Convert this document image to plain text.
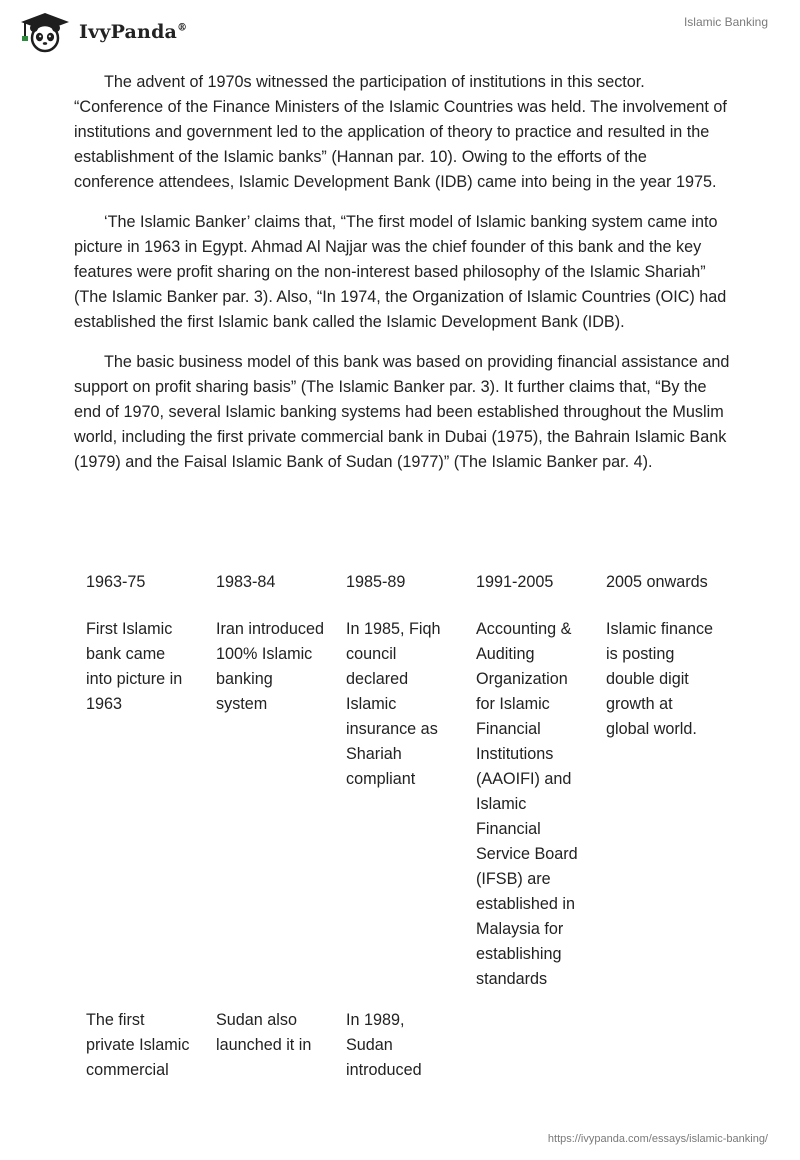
IvyPanda®	Islamic Banking

The advent of 1970s witnessed the participation of institutions in this sector. “Conference of the Finance Ministers of the Islamic Countries was held. The involvement of institutions and government led to the application of theory to practice and resulted in the establishment of the Islamic banks” (Hannan par. 10). Owing to the efforts of the conference attendees, Islamic Development Bank (IDB) came into being in the year 1975.

‘The Islamic Banker’ claims that, “The first model of Islamic banking system came into picture in 1963 in Egypt. Ahmad Al Najjar was the chief founder of this bank and the key features were profit sharing on the non-interest based philosophy of the Islamic Shariah” (The Islamic Banker par. 3). Also, “In 1974, the Organization of Islamic Countries (OIC) had established the first Islamic bank called the Islamic Development Bank (IDB).

The basic business model of this bank was based on providing financial assistance and support on profit sharing basis” (The Islamic Banker par. 3). It further claims that, “By the end of 1970, several Islamic banking systems had been established throughout the Muslim world, including the first private commercial bank in Dubai (1975), the Bahrain Islamic Bank (1979) and the Faisal Islamic Bank of Sudan (1977)” (The Islamic Banker par. 4).

1963-75	1983-84	1985-89	1991-2005	2005 onwards
First Islamic bank came into picture in 1963	Iran introduced 100% Islamic banking system	In 1985, Fiqh council declared Islamic insurance as Shariah compliant	Accounting & Auditing Organization for Islamic Financial Institutions (AAOIFI) and Islamic Financial Service Board (IFSB) are established in Malaysia for establishing standards	Islamic finance is posting double digit growth at global world.
The first private Islamic commercial	Sudan also launched it in	In 1989, Sudan introduced		
https://ivypanda.com/essays/islamic-banking/
